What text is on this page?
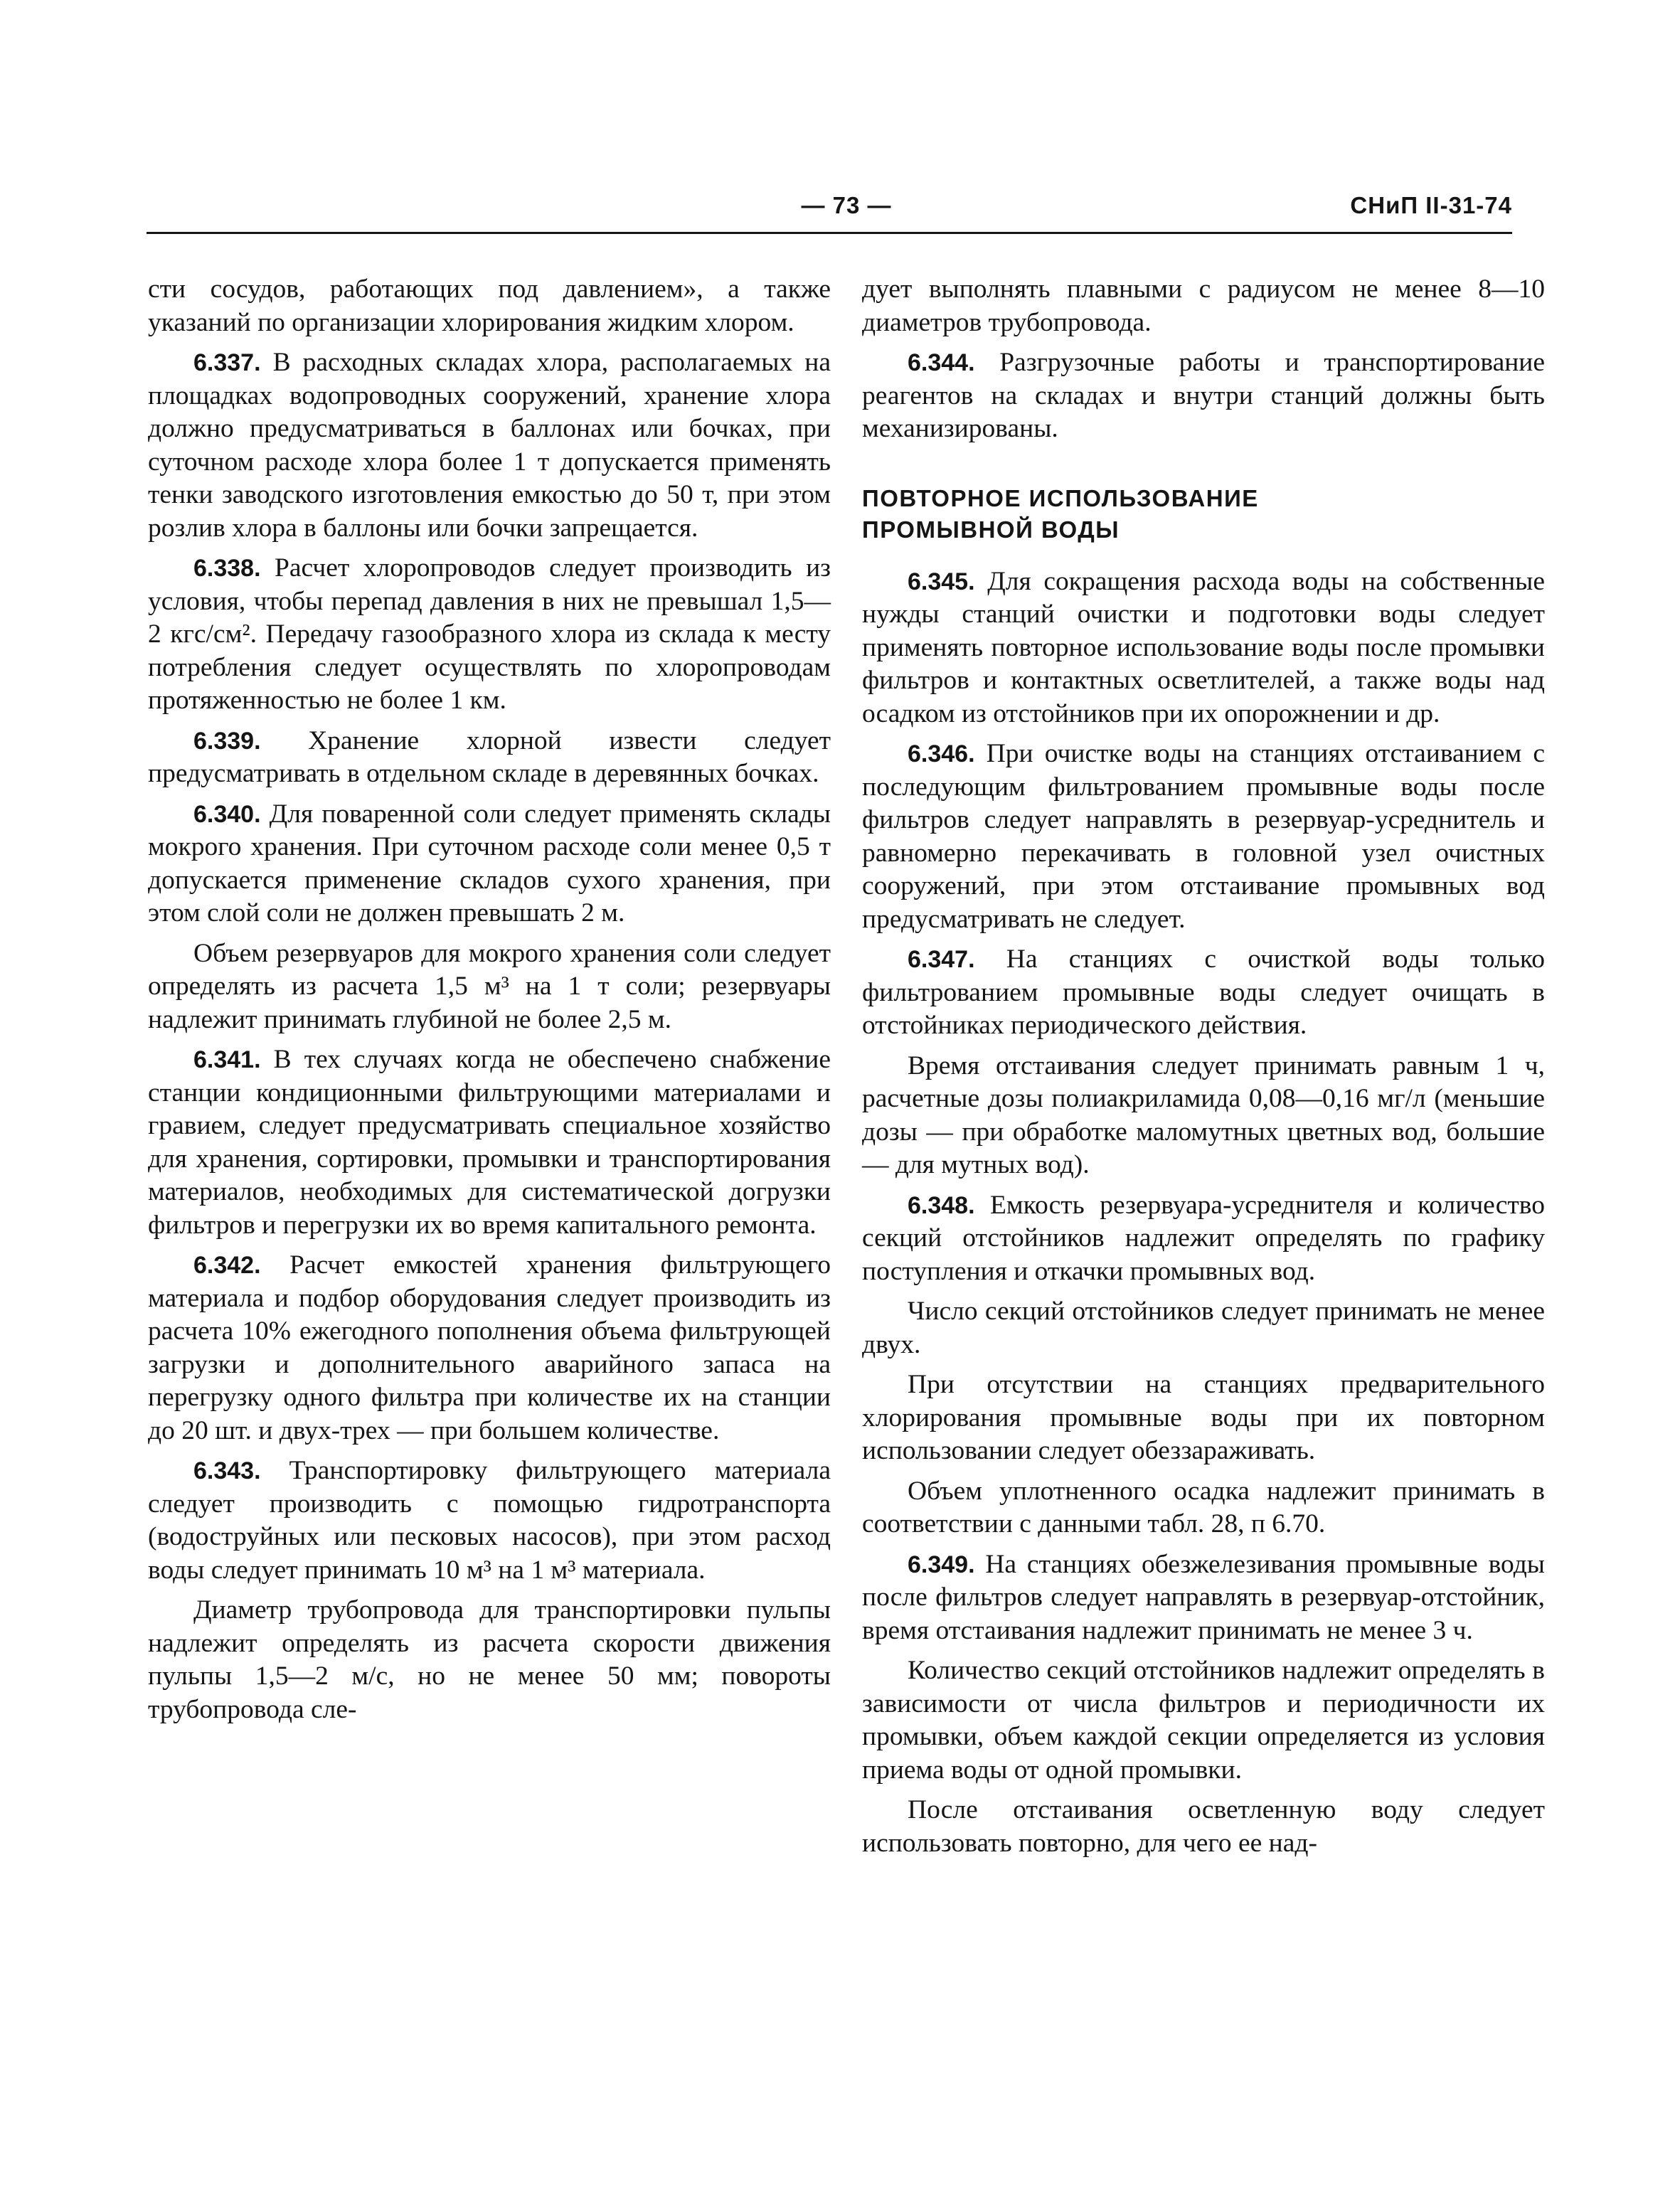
— 73 —	СНиП II-31-74

сти сосудов, работающих под давлением», а также указаний по организации хлорирования жидким хлором.

6.337. В расходных складах хлора, располагаемых на площадках водопроводных сооружений, хранение хлора должно предусматриваться в баллонах или бочках, при суточном расходе хлора более 1 т допускается применять тенки заводского изготовления емкостью до 50 т, при этом розлив хлора в баллоны или бочки запрещается.

6.338. Расчет хлоропроводов следует производить из условия, чтобы перепад давления в них не превышал 1,5—2 кгс/см². Передачу газообразного хлора из склада к месту потребления следует осуществлять по хлоропроводам протяженностью не более 1 км.

6.339. Хранение хлорной извести следует предусматривать в отдельном складе в деревянных бочках.

6.340. Для поваренной соли следует применять склады мокрого хранения. При суточном расходе соли менее 0,5 т допускается применение складов сухого хранения, при этом слой соли не должен превышать 2 м.

Объем резервуаров для мокрого хранения соли следует определять из расчета 1,5 м³ на 1 т соли; резервуары надлежит принимать глубиной не более 2,5 м.

6.341. В тех случаях когда не обеспечено снабжение станции кондиционными фильтрующими материалами и гравием, следует предусматривать специальное хозяйство для хранения, сортировки, промывки и транспортирования материалов, необходимых для систематической догрузки фильтров и перегрузки их во время капитального ремонта.

6.342. Расчет емкостей хранения фильтрующего материала и подбор оборудования следует производить из расчета 10% ежегодного пополнения объема фильтрующей загрузки и дополнительного аварийного запаса на перегрузку одного фильтра при количестве их на станции до 20 шт. и двух-трех — при большем количестве.

6.343. Транспортировку фильтрующего материала следует производить с помощью гидротранспорта (водоструйных или песковых насосов), при этом расход воды следует принимать 10 м³ на 1 м³ материала.

Диаметр трубопровода для транспортировки пульпы надлежит определять из расчета скорости движения пульпы 1,5—2 м/с, но не менее 50 мм; повороты трубопровода сле-

дует выполнять плавными с радиусом не менее 8—10 диаметров трубопровода.

6.344. Разгрузочные работы и транспортирование реагентов на складах и внутри станций должны быть механизированы.

ПОВТОРНОЕ ИСПОЛЬЗОВАНИЕ
ПРОМЫВНОЙ ВОДЫ

6.345. Для сокращения расхода воды на собственные нужды станций очистки и подготовки воды следует применять повторное использование воды после промывки фильтров и контактных осветлителей, а также воды над осадком из отстойников при их опорожнении и др.

6.346. При очистке воды на станциях отстаиванием с последующим фильтрованием промывные воды после фильтров следует направлять в резервуар-усреднитель и равномерно перекачивать в головной узел очистных сооружений, при этом отстаивание промывных вод предусматривать не следует.

6.347. На станциях с очисткой воды только фильтрованием промывные воды следует очищать в отстойниках периодического действия.

Время отстаивания следует принимать равным 1 ч, расчетные дозы полиакриламида 0,08—0,16 мг/л (меньшие дозы — при обработке маломутных цветных вод, большие — для мутных вод).

6.348. Емкость резервуара-усреднителя и количество секций отстойников надлежит определять по графику поступления и откачки промывных вод.

Число секций отстойников следует принимать не менее двух.

При отсутствии на станциях предварительного хлорирования промывные воды при их повторном использовании следует обеззараживать.

Объем уплотненного осадка надлежит принимать в соответствии с данными табл. 28, п 6.70.

6.349. На станциях обезжелезивания промывные воды после фильтров следует направлять в резервуар-отстойник, время отстаивания надлежит принимать не менее 3 ч.

Количество секций отстойников надлежит определять в зависимости от числа фильтров и периодичности их промывки, объем каждой секции определяется из условия приема воды от одной промывки.

После отстаивания осветленную воду следует использовать повторно, для чего ее над-
